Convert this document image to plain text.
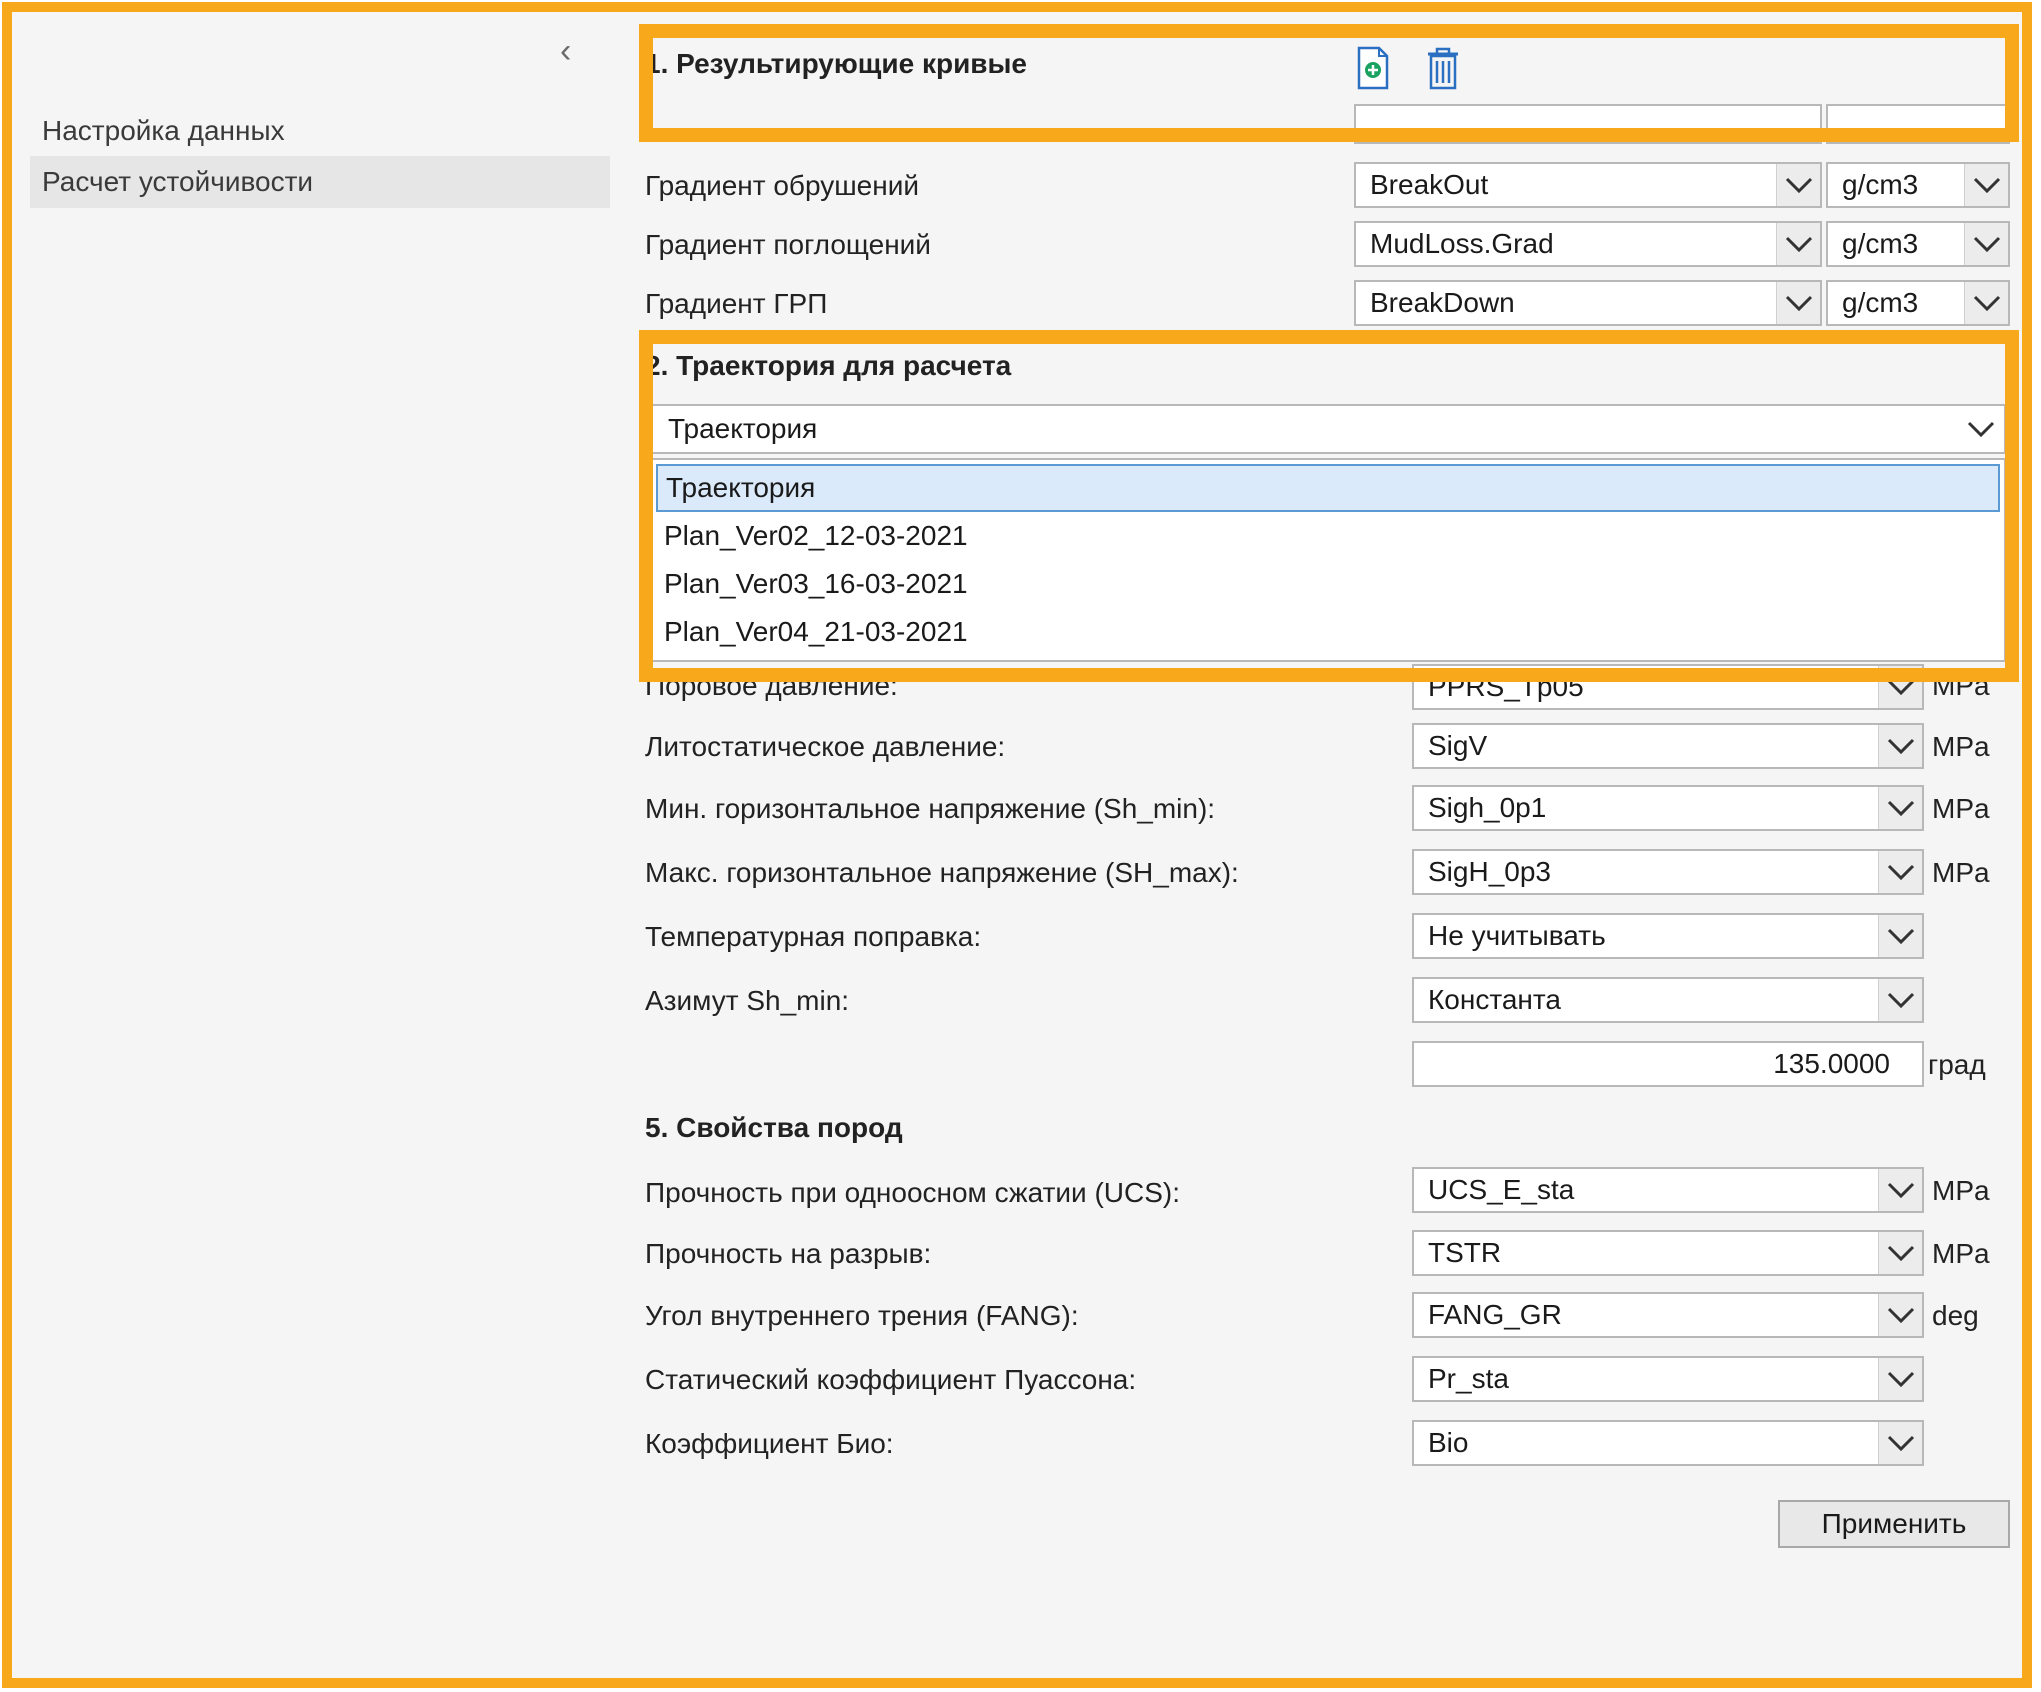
‹
Настройка данных
Расчет устойчивости
1. Результирующие кривые
Градиент обрушений	BreakOut	g/cm3
Градиент поглощений	MudLoss.Grad	g/cm3
Градиент ГРП	BreakDown	g/cm3
2. Траектория для расчета
Траектория
Поровое давление:	PPRS_Tp05	MPa
Литостатическое давление:	SigV	MPa
Мин. горизонтальное напряжение (Sh_min):	Sigh_0p1	MPa
Макс. горизонтальное напряжение (SH_max):	SigH_0p3	MPa
Температурная поправка:	Не учитывать
Азимут Sh_min:	Константа
135.0000 град
5. Свойства пород
Прочность при одноосном сжатии (UCS):	UCS_E_sta	MPa
Прочность на разрыв:	TSTR	MPa
Угол внутреннего трения (FANG):	FANG_GR	deg
Статический коэффициент Пуассона:	Pr_sta
Коэффициент Био:	Bio
Применить
Траектория
Plan_Ver02_12-03-2021
Plan_Ver03_16-03-2021
Plan_Ver04_21-03-2021
